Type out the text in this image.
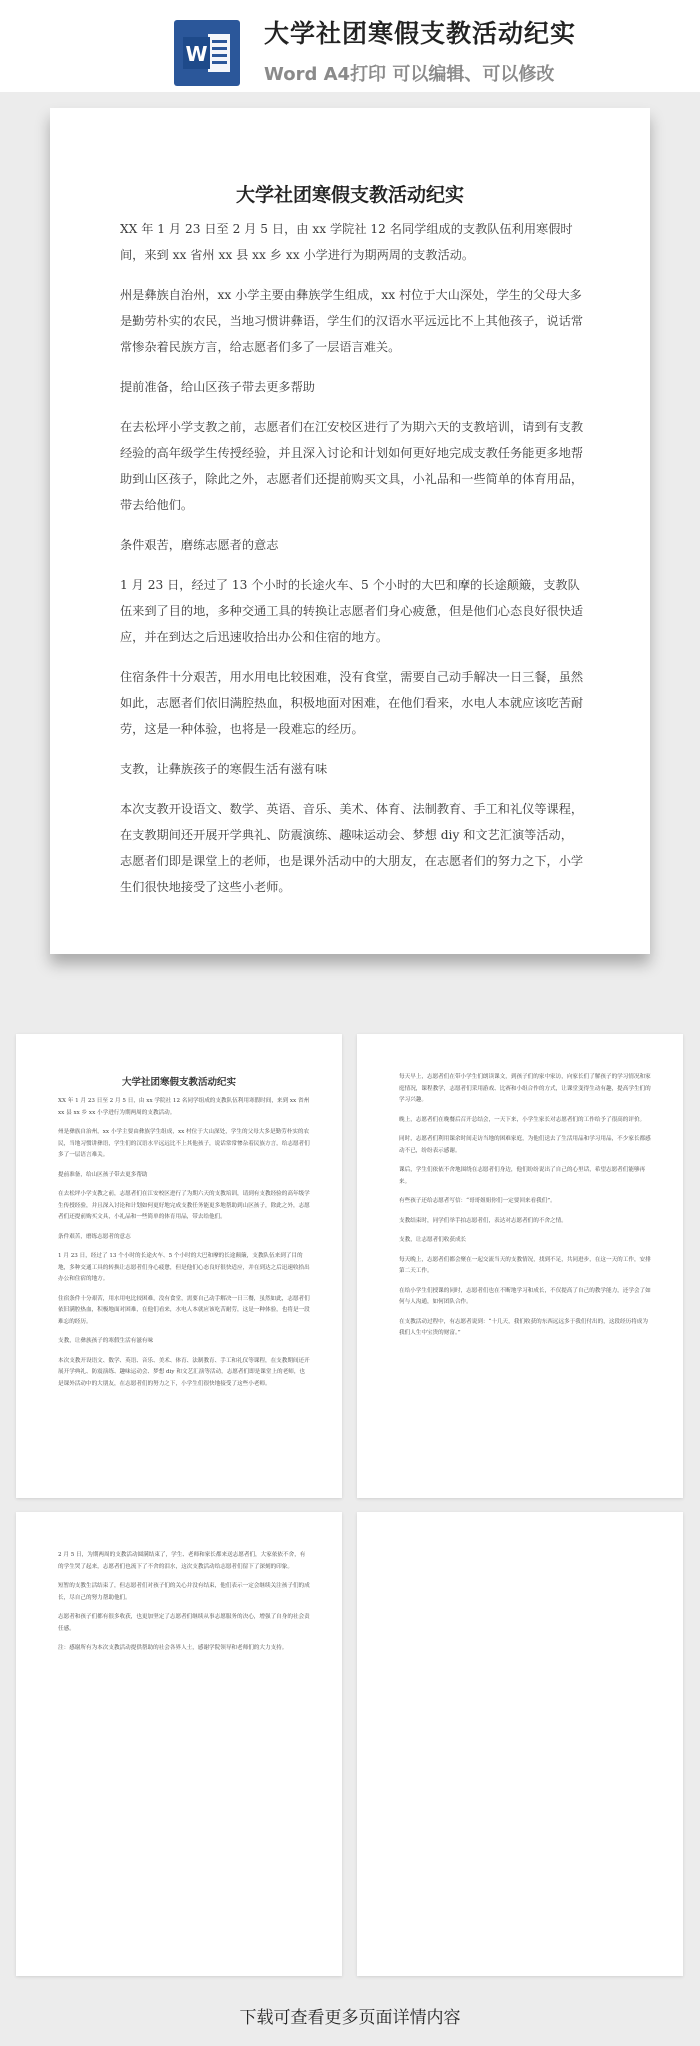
W
大学社团寒假支教活动纪实
Word A4打印 可以编辑、可以修改
大学社团寒假支教活动纪实

XX 年 1 月 23 日至 2 月 5 日，由 xx 学院社 12 名同学组成的支教队伍利用寒假时间，来到 xx 省州 xx 县 xx 乡 xx 小学进行为期两周的支教活动。

州是彝族自治州，xx 小学主要由彝族学生组成，xx 村位于大山深处，学生的父母大多是勤劳朴实的农民，当地习惯讲彝语，学生们的汉语水平远远比不上其他孩子，说话常常惨杂着民族方言，给志愿者们多了一层语言难关。

提前准备，给山区孩子带去更多帮助

在去松坪小学支教之前，志愿者们在江安校区进行了为期六天的支教培训，请到有支教经验的高年级学生传授经验，并且深入讨论和计划如何更好地完成支教任务能更多地帮助到山区孩子，除此之外，志愿者们还提前购买文具，小礼品和一些简单的体育用品，带去给他们。

条件艰苦，磨练志愿者的意志

1 月 23 日，经过了 13 个小时的长途火车、5 个小时的大巴和摩的长途颠簸，支教队伍来到了目的地，多种交通工具的转换让志愿者们身心疲惫，但是他们心态良好很快适应，并在到达之后迅速收拾出办公和住宿的地方。

住宿条件十分艰苦，用水用电比较困难，没有食堂，需要自己动手解决一日三餐，虽然如此，志愿者们依旧满腔热血，积极地面对困难，在他们看来，水电人本就应该吃苦耐劳，这是一种体验，也将是一段难忘的经历。

支教，让彝族孩子的寒假生活有滋有味

本次支教开设语文、数学、英语、音乐、美术、体育、法制教育、手工和礼仪等课程，在支教期间还开展开学典礼、防震演练、趣味运动会、梦想 diy 和文艺汇演等活动，志愿者们即是课堂上的老师，也是课外活动中的大朋友，在志愿者们的努力之下，小学生们很快地接受了这些小老师。

大学社团寒假支教活动纪实

XX 年 1 月 23 日至 2 月 5 日，由 xx 学院社 12 名同学组成的支教队伍利用寒假时间，来到 xx 省州 xx 县 xx 乡 xx 小学进行为期两周的支教活动。

州是彝族自治州，xx 小学主要由彝族学生组成，xx 村位于大山深处，学生的父母大多是勤劳朴实的农民，当地习惯讲彝语，学生们的汉语水平远远比不上其他孩子，说话常常惨杂着民族方言，给志愿者们多了一层语言难关。

提前准备，给山区孩子带去更多帮助

在去松坪小学支教之前，志愿者们在江安校区进行了为期六天的支教培训，请到有支教经验的高年级学生传授经验，并且深入讨论和计划如何更好地完成支教任务能更多地帮助到山区孩子，除此之外，志愿者们还提前购买文具，小礼品和一些简单的体育用品，带去给他们。

条件艰苦，磨练志愿者的意志

1 月 23 日，经过了 13 个小时的长途火车、5 个小时的大巴和摩的长途颠簸，支教队伍来到了目的地，多种交通工具的转换让志愿者们身心疲惫，但是他们心态良好很快适应，并在到达之后迅速收拾出办公和住宿的地方。

住宿条件十分艰苦，用水用电比较困难，没有食堂，需要自己动手解决一日三餐，虽然如此，志愿者们依旧满腔热血，积极地面对困难，在他们看来，水电人本就应该吃苦耐劳，这是一种体验，也将是一段难忘的经历。

支教，让彝族孩子的寒假生活有滋有味

本次支教开设语文、数学、英语、音乐、美术、体育、法制教育、手工和礼仪等课程，在支教期间还开展开学典礼、防震演练、趣味运动会、梦想 diy 和文艺汇演等活动，志愿者们即是课堂上的老师，也是课外活动中的大朋友，在志愿者们的努力之下，小学生们很快地接受了这些小老师。

每天早上，志愿者们在带小学生们朗读课文，到孩子们的家中家访，向家长们了解孩子的学习情况和家庭情况，课程教学，志愿者们采用游戏、比赛和小组合作的方式，让课堂变得生动有趣，提高学生们的学习兴趣。

晚上，志愿者们在晚餐后召开总结会，一天下来，小学生家长对志愿者们的工作给予了很高的评价。

同时，志愿者们利用课余时间走访当地的困难家庭，为他们送去了生活用品和学习用品，不少家长都感动不已，纷纷表示感谢。

课后，学生们依依不舍地围绕在志愿者们身边，他们纷纷说出了自己的心里话，希望志愿者们能够再来。

有些孩子还给志愿者写信：“哥哥姐姐你们一定要回来看我们”。

支教结束时，同学们举手拍志愿者们，表达对志愿者们的不舍之情。

支教，让志愿者们收获成长

每天晚上，志愿者们都会聚在一起交流当天的支教情况，找到不足，共同进步，在这一天的工作，安排第二天工作。

在给小学生们授课的同时，志愿者们也在不断地学习和成长，不仅提高了自己的教学能力，还学会了如何与人沟通，如何团队合作。

在支教活动过程中，有志愿者说到：“十几天，我们收获的东西远远多于我们付出的，这段经历将成为我们人生中宝贵的财富。”

2 月 5 日，为期两周的支教活动圆满结束了，学生、老师和家长都来送志愿者们，大家依依不舍，有的学生哭了起来，志愿者们也流下了不舍的泪水，这次支教活动给志愿者们留下了深刻的印象。

短暂的支教生活结束了，但志愿者们对孩子们的关心并没有结束，他们表示一定会继续关注孩子们的成长，尽自己的努力帮助他们。

志愿者和孩子们都有很多收获，也更加坚定了志愿者们继续从事志愿服务的决心，增强了自身的社会责任感。

注：感谢所有为本次支教活动提供帮助的社会各界人士，感谢学院领导和老师们的大力支持。

下载可查看更多页面详情内容
